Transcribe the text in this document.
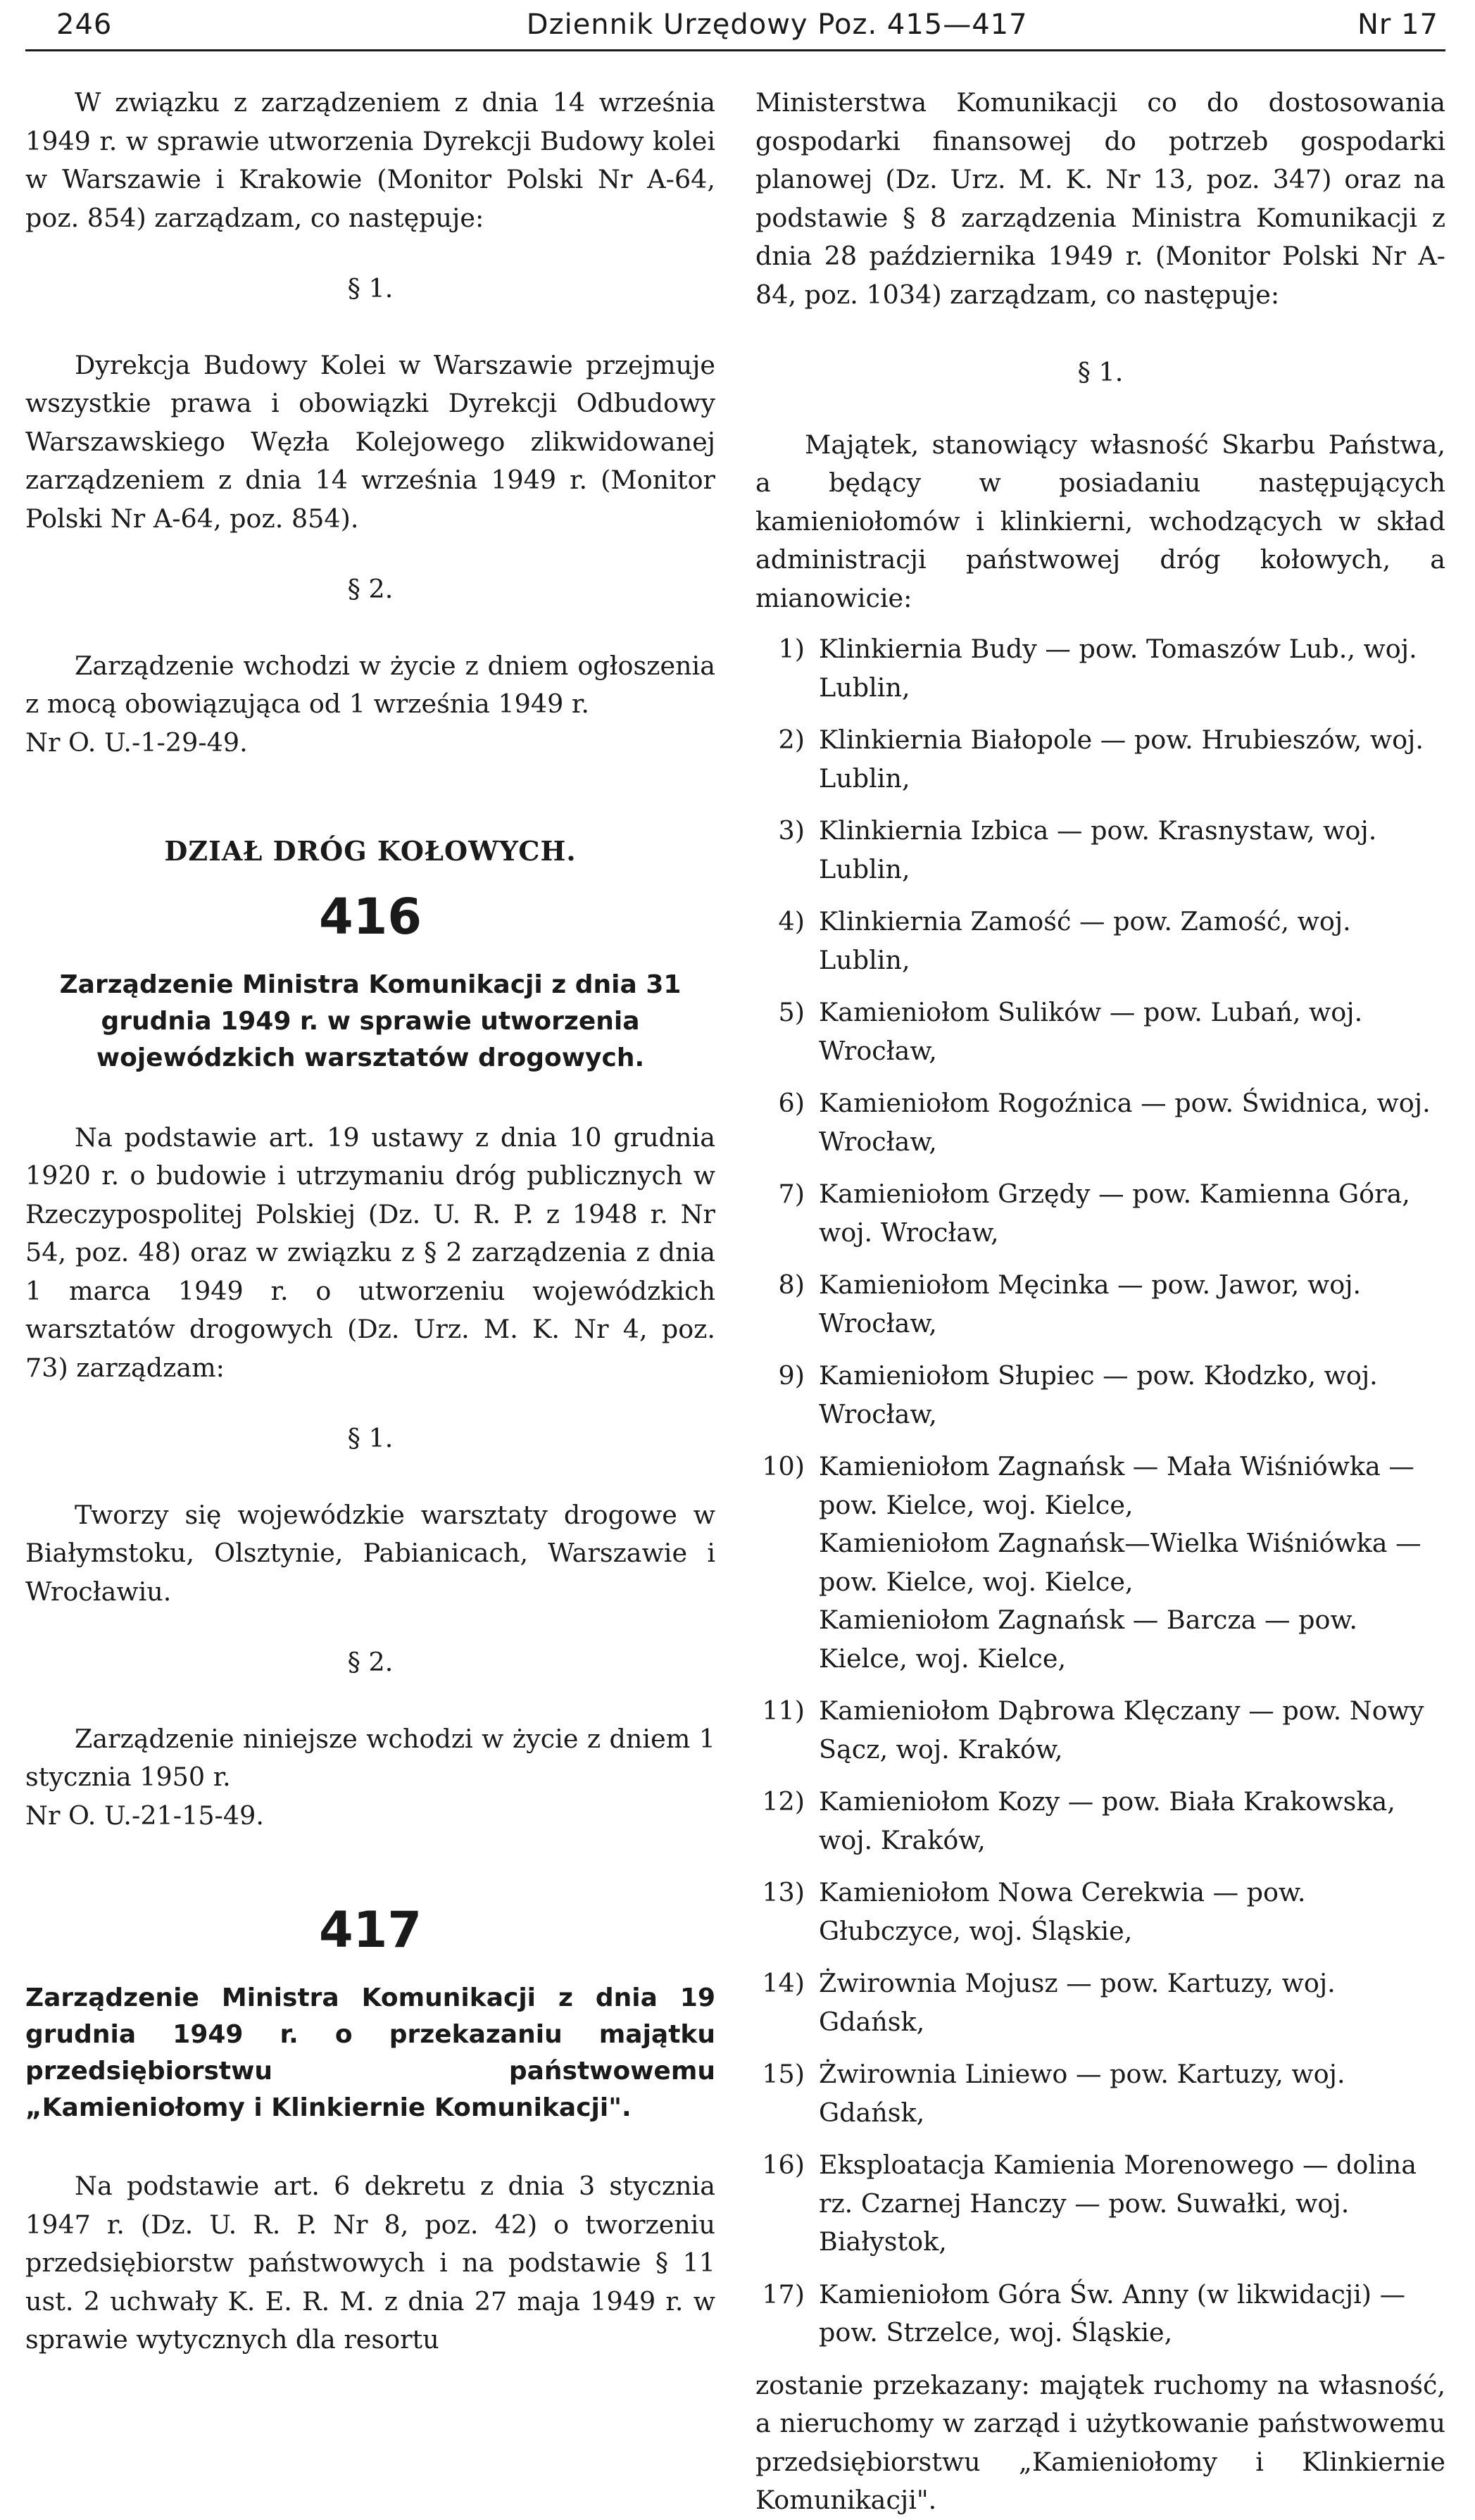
246	Dziennik Urzędowy Poz. 415—417	Nr 17

W związku z zarządzeniem z dnia 14 września 1949 r. w sprawie utworzenia Dyrekcji Budowy kolei w Warszawie i Krakowie (Monitor Polski Nr A-64, poz. 854) zarządzam, co następuje:

§ 1.

Dyrekcja Budowy Kolei w Warszawie przejmuje wszystkie prawa i obowiązki Dyrekcji Odbudowy Warszawskiego Węzła Kolejowego zlikwidowanej zarządzeniem z dnia 14 września 1949 r. (Monitor Polski Nr A-64, poz. 854).

§ 2.

Zarządzenie wchodzi w życie z dniem ogłoszenia z mocą obowiązująca od 1 września 1949 r.

Nr O. U.-1-29-49.

DZIAŁ DRÓG KOŁOWYCH.
416
Zarządzenie Ministra Komunikacji z dnia 31 grudnia 1949 r. w sprawie utworzenia wojewódzkich warsztatów drogowych.

Na podstawie art. 19 ustawy z dnia 10 grudnia 1920 r. o budowie i utrzymaniu dróg publicznych w Rzeczypospolitej Polskiej (Dz. U. R. P. z 1948 r. Nr 54, poz. 48) oraz w związku z § 2 zarządzenia z dnia 1 marca 1949 r. o utworzeniu wojewódzkich warsztatów drogowych (Dz. Urz. M. K. Nr 4, poz. 73) zarządzam:

§ 1.

Tworzy się wojewódzkie warsztaty drogowe w Białymstoku, Olsztynie, Pabianicach, Warszawie i Wrocławiu.

§ 2.

Zarządzenie niniejsze wchodzi w życie z dniem 1 stycznia 1950 r.

Nr O. U.-21-15-49.

417
Zarządzenie Ministra Komunikacji z dnia 19 grudnia 1949 r. o przekazaniu majątku przedsiębiorstwu państwowemu „Kamieniołomy i Klinkiernie Komunikacji".

Na podstawie art. 6 dekretu z dnia 3 stycznia 1947 r. (Dz. U. R. P. Nr 8, poz. 42) o tworzeniu przedsiębiorstw państwowych i na podstawie § 11 ust. 2 uchwały K. E. R. M. z dnia 27 maja 1949 r. w sprawie wytycznych dla resortu

Ministerstwa Komunikacji co do dostosowania gospodarki finansowej do potrzeb gospodarki planowej (Dz. Urz. M. K. Nr 13, poz. 347) oraz na podstawie § 8 zarządzenia Ministra Komunikacji z dnia 28 października 1949 r. (Monitor Polski Nr A-84, poz. 1034) zarządzam, co następuje:

§ 1.

Majątek, stanowiący własność Skarbu Państwa, a będący w posiadaniu następujących kamieniołomów i klinkierni, wchodzących w skład administracji państwowej dróg kołowych, a mianowicie:

1) Klinkiernia Budy — pow. Tomaszów Lub., woj. Lublin,
2) Klinkiernia Białopole — pow. Hrubieszów, woj. Lublin,
3) Klinkiernia Izbica — pow. Krasnystaw, woj. Lublin,
4) Klinkiernia Zamość — pow. Zamość, woj. Lublin,
5) Kamieniołom Sulików — pow. Lubań, woj. Wrocław,
6) Kamieniołom Rogoźnica — pow. Świdnica, woj. Wrocław,
7) Kamieniołom Grzędy — pow. Kamienna Góra, woj. Wrocław,
8) Kamieniołom Męcinka — pow. Jawor, woj. Wrocław,
9) Kamieniołom Słupiec — pow. Kłodzko, woj. Wrocław,
10) Kamieniołom Zagnańsk — Mała Wiśniówka — pow. Kielce, woj. Kielce,
Kamieniołom Zagnańsk—Wielka Wiśniówka — pow. Kielce, woj. Kielce,
Kamieniołom Zagnańsk — Barcza — pow. Kielce, woj. Kielce,
11) Kamieniołom Dąbrowa Klęczany — pow. Nowy Sącz, woj. Kraków,
12) Kamieniołom Kozy — pow. Biała Krakowska, woj. Kraków,
13) Kamieniołom Nowa Cerekwia — pow. Głubczyce, woj. Śląskie,
14) Żwirownia Mojusz — pow. Kartuzy, woj. Gdańsk,
15) Żwirownia Liniewo — pow. Kartuzy, woj. Gdańsk,
16) Eksploatacja Kamienia Morenowego — dolina rz. Czarnej Hanczy — pow. Suwałki, woj. Białystok,
17) Kamieniołom Góra Św. Anny (w likwidacji) — pow. Strzelce, woj. Śląskie,

zostanie przekazany: majątek ruchomy na własność, a nieruchomy w zarząd i użytkowanie państwowemu przedsiębiorstwu „Kamieniołomy i Klinkiernie Komunikacji".
